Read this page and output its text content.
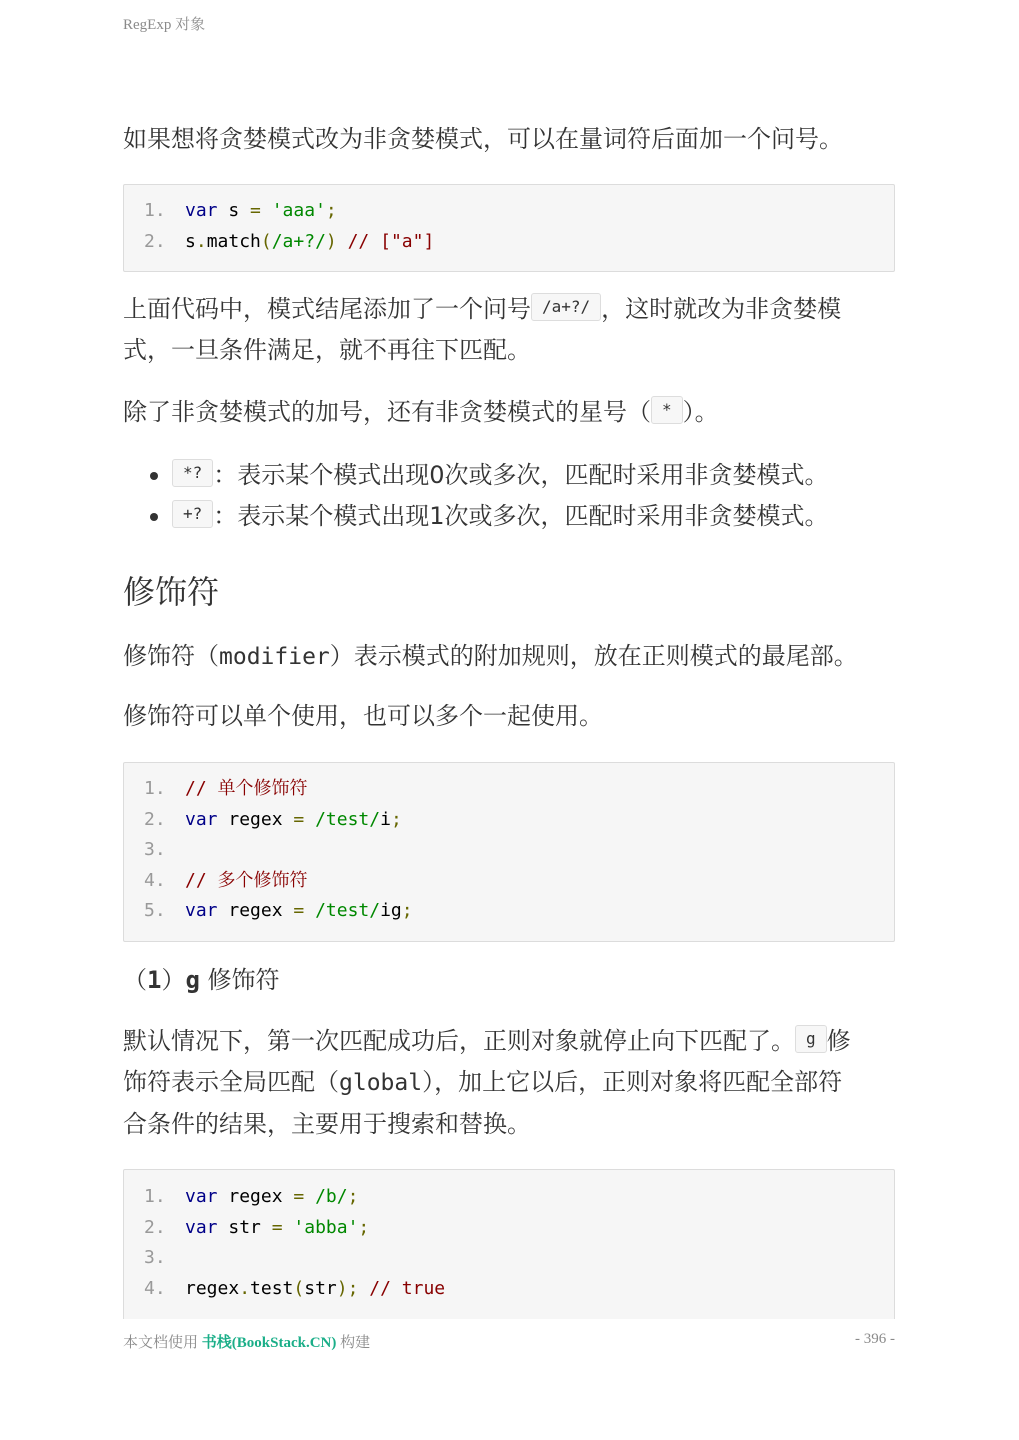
RegExp 对象
如果想将贪婪模式改为非贪婪模式，可以在量词符后面加一个问号。
1. var s = 'aaa';
2. s.match(/a+?/) // ["a"]
上面代码中，模式结尾添加了一个问号 /a+?/ ，这时就改为非贪婪模
式，一旦条件满足，就不再往下匹配。
除了非贪婪模式的加号，还有非贪婪模式的星号（ * ）。
*? ：表示某个模式出现0次或多次，匹配时采用非贪婪模式。
+? ：表示某个模式出现1次或多次，匹配时采用非贪婪模式。
修饰符
修饰符（modifier）表示模式的附加规则，放在正则模式的最尾部。
修饰符可以单个使用，也可以多个一起使用。
1. // 单个修饰符
2. var regex = /test/i;
3.
4. // 多个修饰符
5. var regex = /test/ig;
（1）g 修饰符
默认情况下，第一次匹配成功后，正则对象就停止向下匹配了。 g 修
饰符表示全局匹配（global），加上它以后，正则对象将匹配全部符
合条件的结果，主要用于搜索和替换。
1. var regex = /b/;
2. var str = 'abba';
3.
4. regex.test(str); // true
本文档使用 书栈(BookStack.CN) 构建	- 396 -
